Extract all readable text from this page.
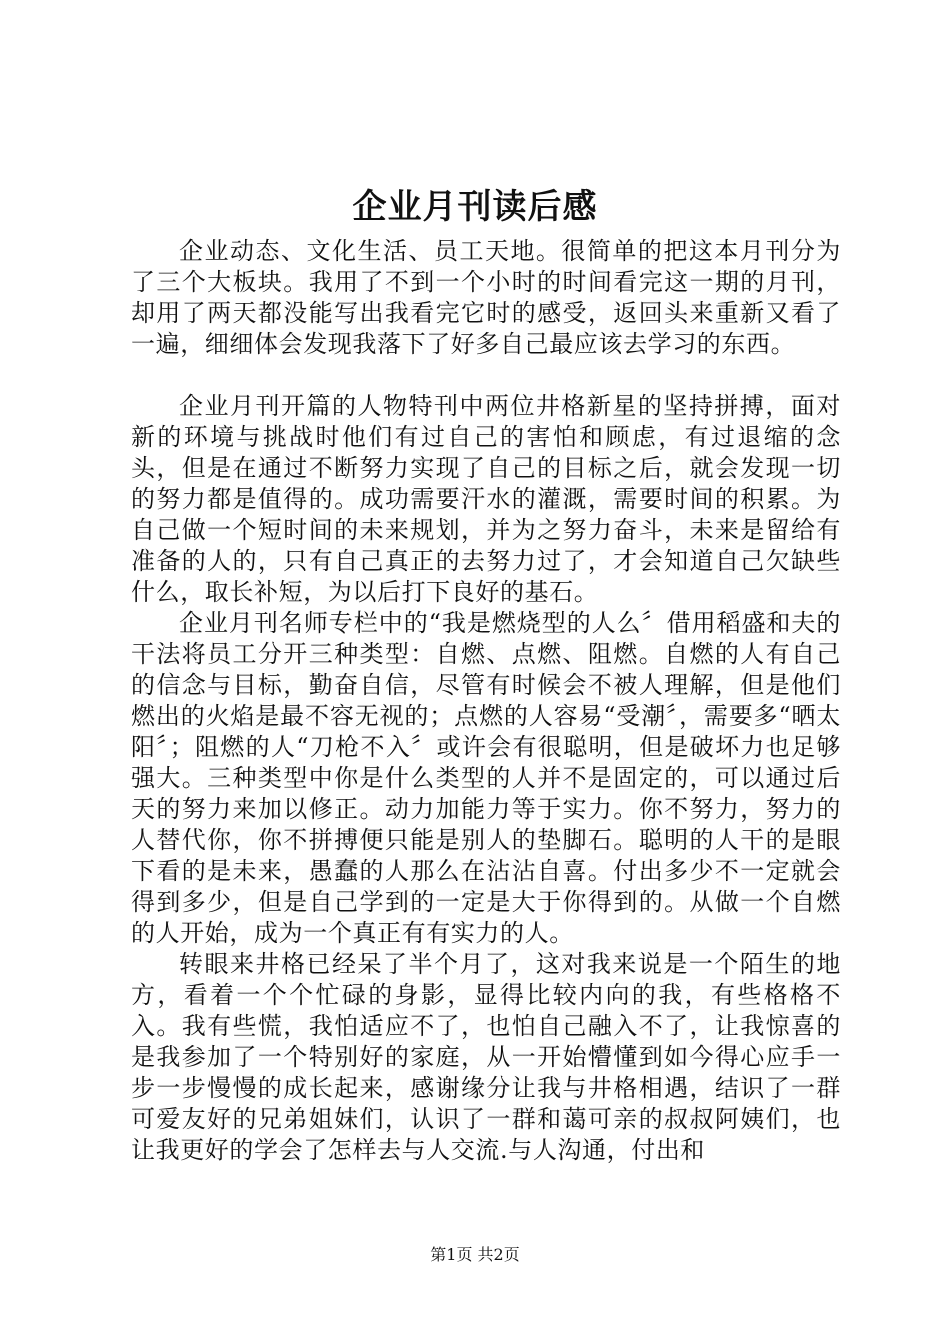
企业月刊读后感

企业动态、文化生活、员工天地。很简单的把这本月刊分为了三个大板块。我用了不到一个小时的时间看完这一期的月刊，却用了两天都没能写出我看完它时的感受，返回头来重新又看了一遍，细细体会发现我落下了好多自己最应该去学习的东西。

企业月刊开篇的人物特刊中两位井格新星的坚持拼搏，面对新的环境与挑战时他们有过自己的害怕和顾虑，有过退缩的念头，但是在通过不断努力实现了自己的目标之后，就会发现一切的努力都是值得的。成功需要汗水的灌溉，需要时间的积累。为自己做一个短时间的未来规划，并为之努力奋斗，未来是留给有准备的人的，只有自己真正的去努力过了，才会知道自己欠缺些什么，取长补短，为以后打下良好的基石。

企业月刊名师专栏中的“我是燃烧型的人么〞借用稻盛和夫的干法将员工分开三种类型：自燃、点燃、阻燃。自燃的人有自己的信念与目标，勤奋自信，尽管有时候会不被人理解，但是他们燃出的火焰是最不容无视的；点燃的人容易“受潮〞，需要多“晒太阳〞；阻燃的人“刀枪不入〞或许会有很聪明，但是破坏力也足够强大。三种类型中你是什么类型的人并不是固定的，可以通过后天的努力来加以修正。动力加能力等于实力。你不努力，努力的人替代你，你不拼搏便只能是别人的垫脚石。聪明的人干的是眼下看的是未来，愚蠢的人那么在沾沾自喜。付出多少不一定就会得到多少，但是自己学到的一定是大于你得到的。从做一个自燃的人开始，成为一个真正有有实力的人。

转眼来井格已经呆了半个月了，这对我来说是一个陌生的地方，看着一个个忙碌的身影，显得比较内向的我，有些格格不入。我有些慌，我怕适应不了，也怕自己融入不了，让我惊喜的是我参加了一个特别好的家庭，从一开始懵懂到如今得心应手一步一步慢慢的成长起来，感谢缘分让我与井格相遇，结识了一群可爱友好的兄弟姐妹们，认识了一群和蔼可亲的叔叔阿姨们，也让我更好的学会了怎样去与人交流.与人沟通，付出和

第1页 共2页
